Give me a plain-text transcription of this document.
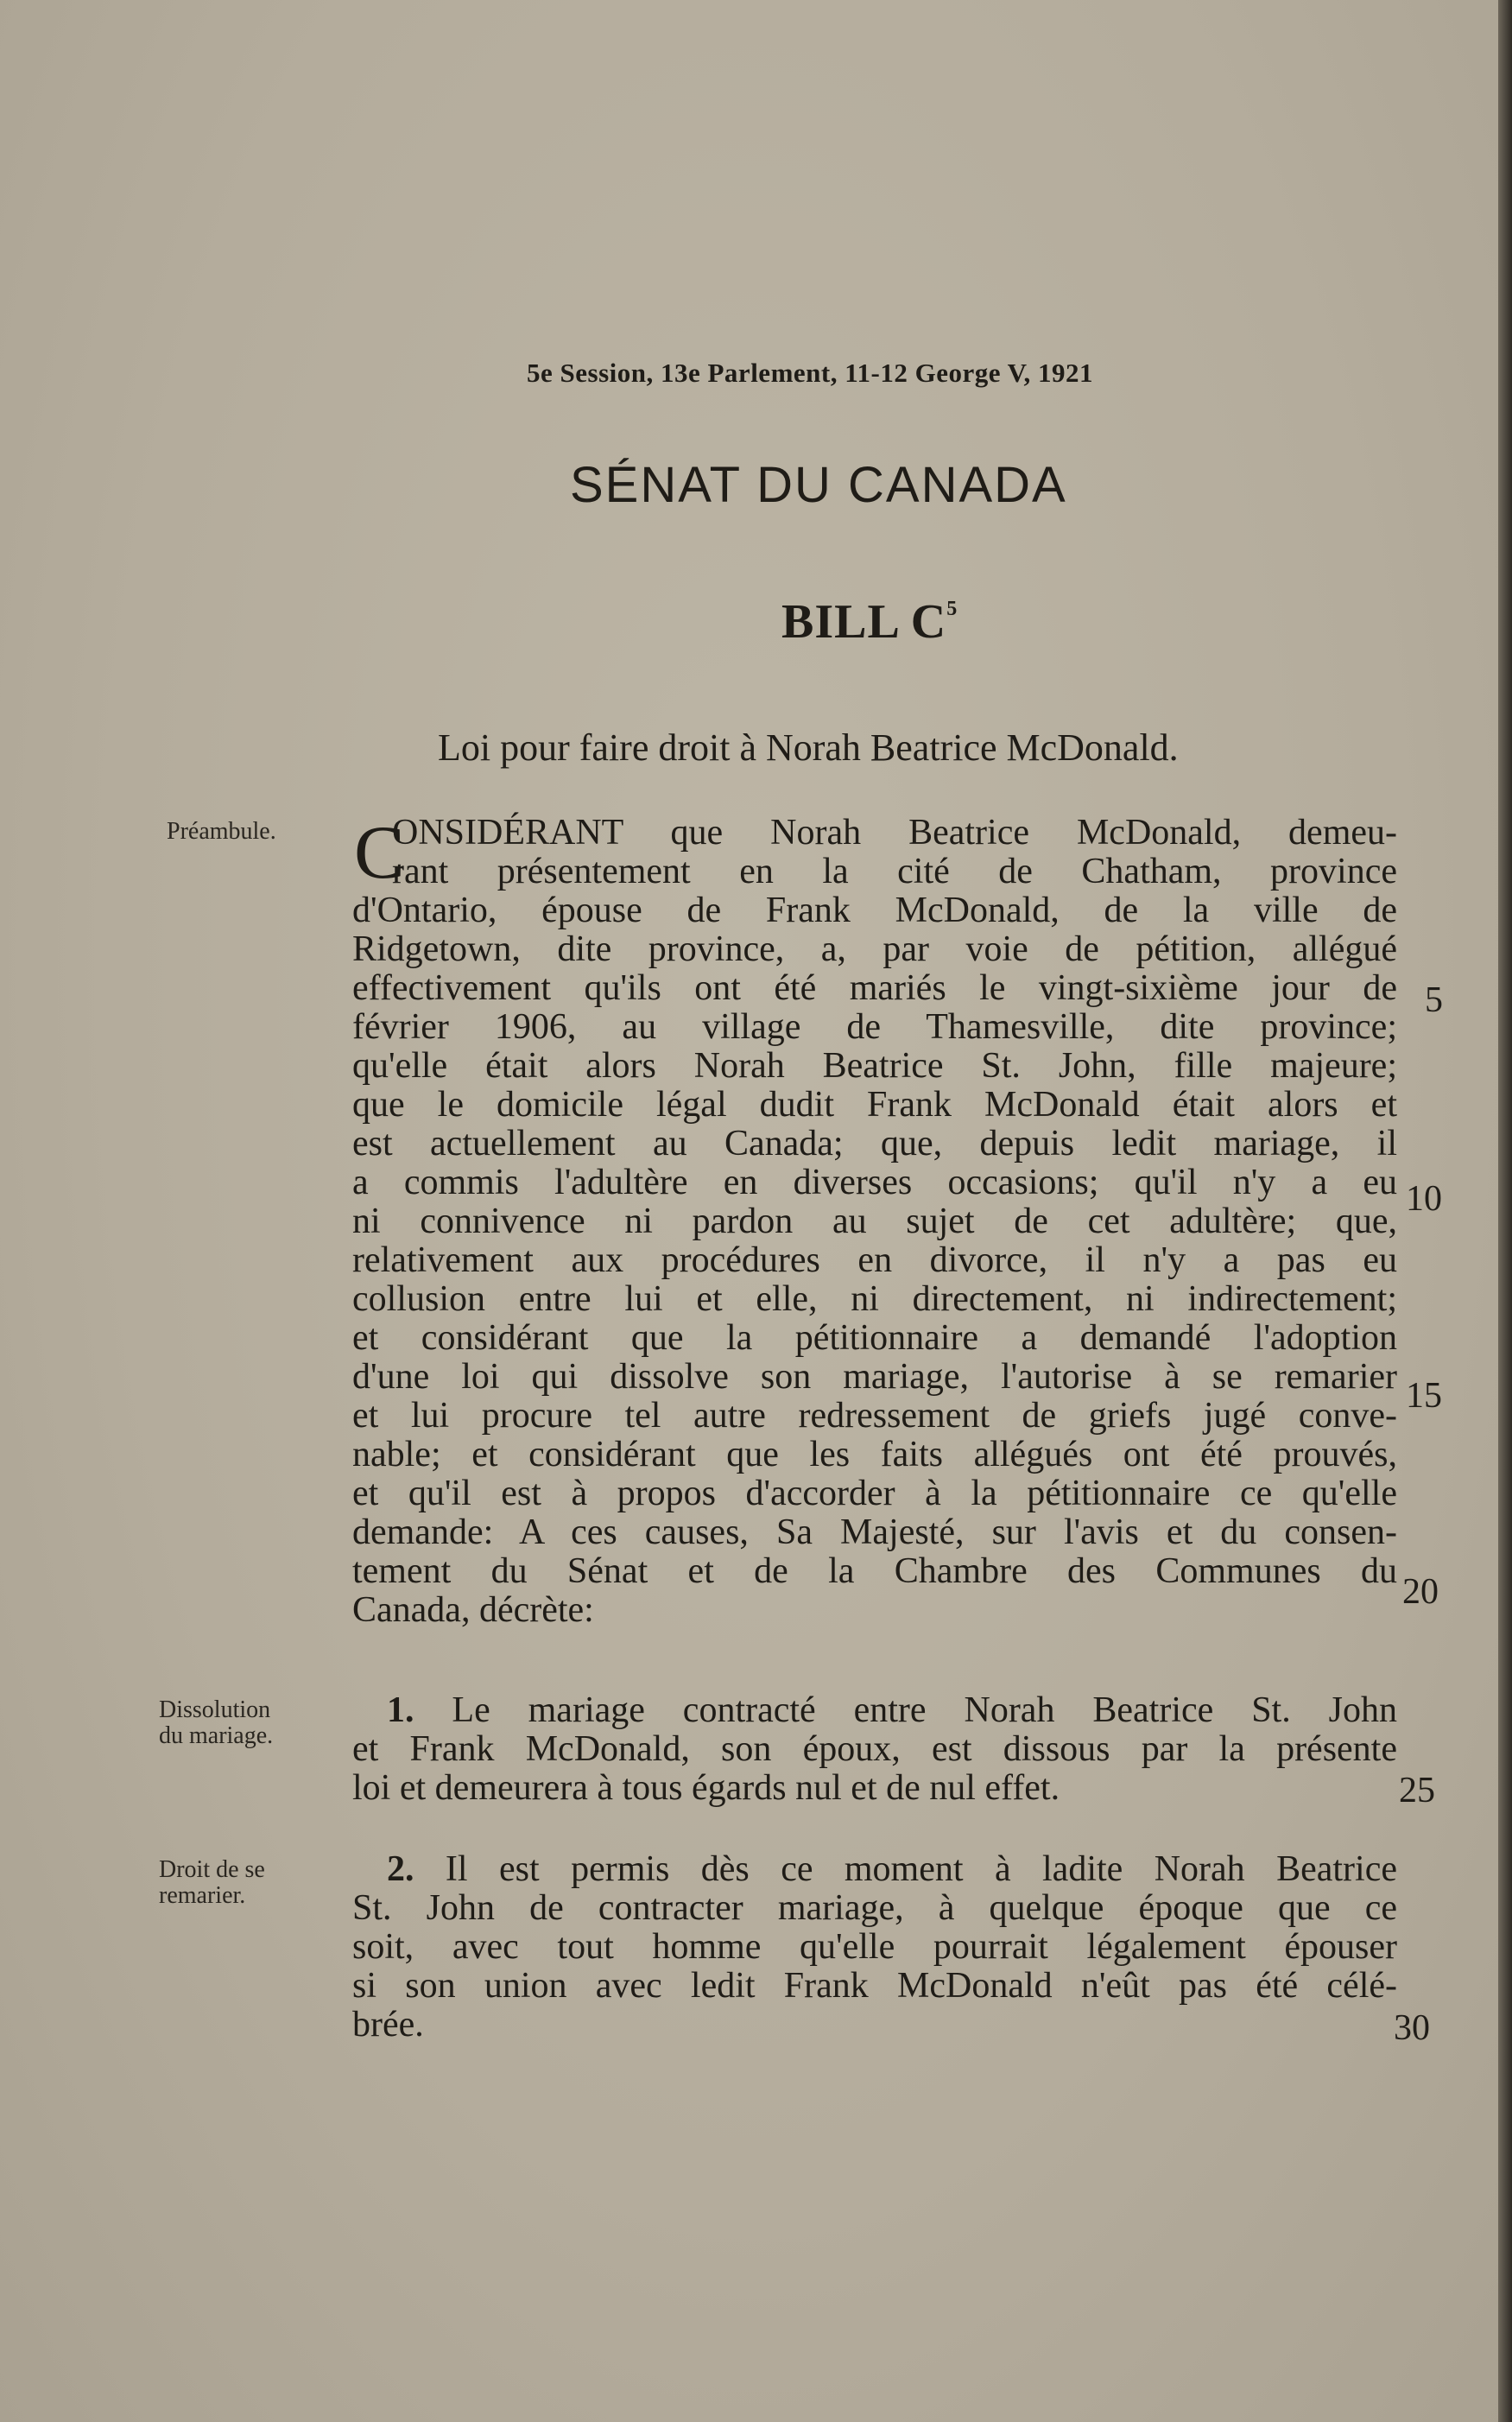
5e Session, 13e Parlement, 11-12 George V, 1921
SÉNAT DU CANADA
BILL $C^5$
Loi pour faire droit à Norah Beatrice McDonald.
Préambule.
Dissolution
du mariage.
Droit de se
remarier.
C
ONSIDÉRANT que Norah Beatrice McDonald, demeu-
rant présentement en la cité de Chatham, province
d'Ontario, épouse de Frank McDonald, de la ville de
Ridgetown, dite province, a, par voie de pétition, allégué
effectivement qu'ils ont été mariés le vingt-sixième jour de
février 1906, au village de Thamesville, dite province;
qu'elle était alors Norah Beatrice St. John, fille majeure;
que le domicile légal dudit Frank McDonald était alors et
est actuellement au Canada; que, depuis ledit mariage, il
a commis l'adultère en diverses occasions; qu'il n'y a eu
ni connivence ni pardon au sujet de cet adultère; que,
relativement aux procédures en divorce, il n'y a pas eu
collusion entre lui et elle, ni directement, ni indirectement;
et considérant que la pétitionnaire a demandé l'adoption
d'une loi qui dissolve son mariage, l'autorise à se remarier
et lui procure tel autre redressement de griefs jugé conve-
nable; et considérant que les faits allégués ont été prouvés,
et qu'il est à propos d'accorder à la pétitionnaire ce qu'elle
demande: A ces causes, Sa Majesté, sur l'avis et du consen-
tement du Sénat et de la Chambre des Communes du
Canada, décrète:
1. Le mariage contracté entre Norah Beatrice St. John
et Frank McDonald, son époux, est dissous par la présente
loi et demeurera à tous égards nul et de nul effet.
2. Il est permis dès ce moment à ladite Norah Beatrice
St. John de contracter mariage, à quelque époque que ce
soit, avec tout homme qu'elle pourrait légalement épouser
si son union avec ledit Frank McDonald n'eût pas été célé-
brée.
5
10
15
20
25
30
